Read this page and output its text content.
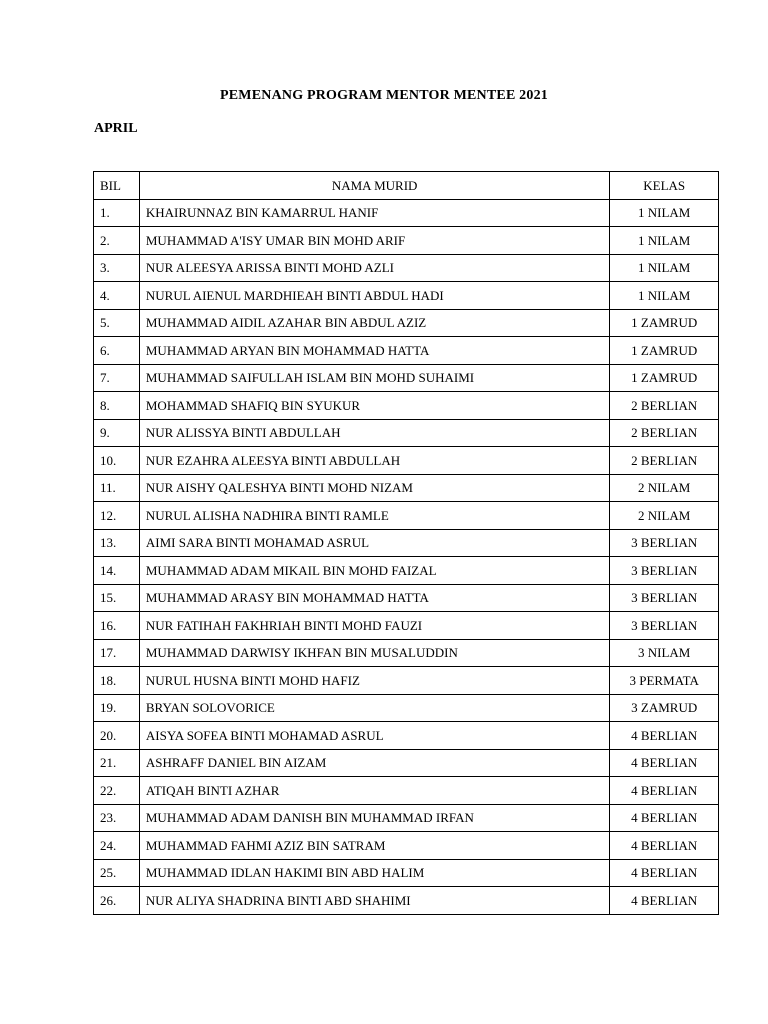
PEMENANG PROGRAM MENTOR MENTEE 2021
APRIL
BIL	NAMA MURID	KELAS
1.	KHAIRUNNAZ BIN KAMARRUL HANIF	1 NILAM
2.	MUHAMMAD A'ISY UMAR BIN MOHD ARIF	1 NILAM
3.	NUR ALEESYA ARISSA BINTI MOHD AZLI	1 NILAM
4.	NURUL AIENUL MARDHIEAH BINTI ABDUL HADI	1 NILAM
5.	MUHAMMAD AIDIL AZAHAR BIN ABDUL AZIZ	1 ZAMRUD
6.	MUHAMMAD ARYAN BIN MOHAMMAD HATTA	1 ZAMRUD
7.	MUHAMMAD SAIFULLAH ISLAM BIN MOHD SUHAIMI	1 ZAMRUD
8.	MOHAMMAD SHAFIQ BIN SYUKUR	2 BERLIAN
9.	NUR ALISSYA BINTI ABDULLAH	2 BERLIAN
10.	NUR EZAHRA ALEESYA BINTI ABDULLAH	2 BERLIAN
11.	NUR AISHY QALESHYA BINTI MOHD NIZAM	2 NILAM
12.	NURUL ALISHA NADHIRA BINTI RAMLE	2 NILAM
13.	AIMI SARA BINTI MOHAMAD ASRUL	3 BERLIAN
14.	MUHAMMAD ADAM MIKAIL BIN MOHD FAIZAL	3 BERLIAN
15.	MUHAMMAD ARASY BIN MOHAMMAD HATTA	3 BERLIAN
16.	NUR FATIHAH FAKHRIAH BINTI MOHD FAUZI	3 BERLIAN
17.	MUHAMMAD DARWISY IKHFAN BIN MUSALUDDIN	3 NILAM
18.	NURUL HUSNA BINTI MOHD HAFIZ	3 PERMATA
19.	BRYAN SOLOVORICE	3 ZAMRUD
20.	AISYA SOFEA BINTI MOHAMAD ASRUL	4 BERLIAN
21.	ASHRAFF DANIEL BIN AIZAM	4 BERLIAN
22.	ATIQAH BINTI AZHAR	4 BERLIAN
23.	MUHAMMAD ADAM DANISH BIN MUHAMMAD IRFAN	4 BERLIAN
24.	MUHAMMAD FAHMI AZIZ BIN SATRAM	4 BERLIAN
25.	MUHAMMAD IDLAN HAKIMI BIN ABD HALIM	4 BERLIAN
26.	NUR ALIYA SHADRINA BINTI ABD SHAHIMI	4 BERLIAN
